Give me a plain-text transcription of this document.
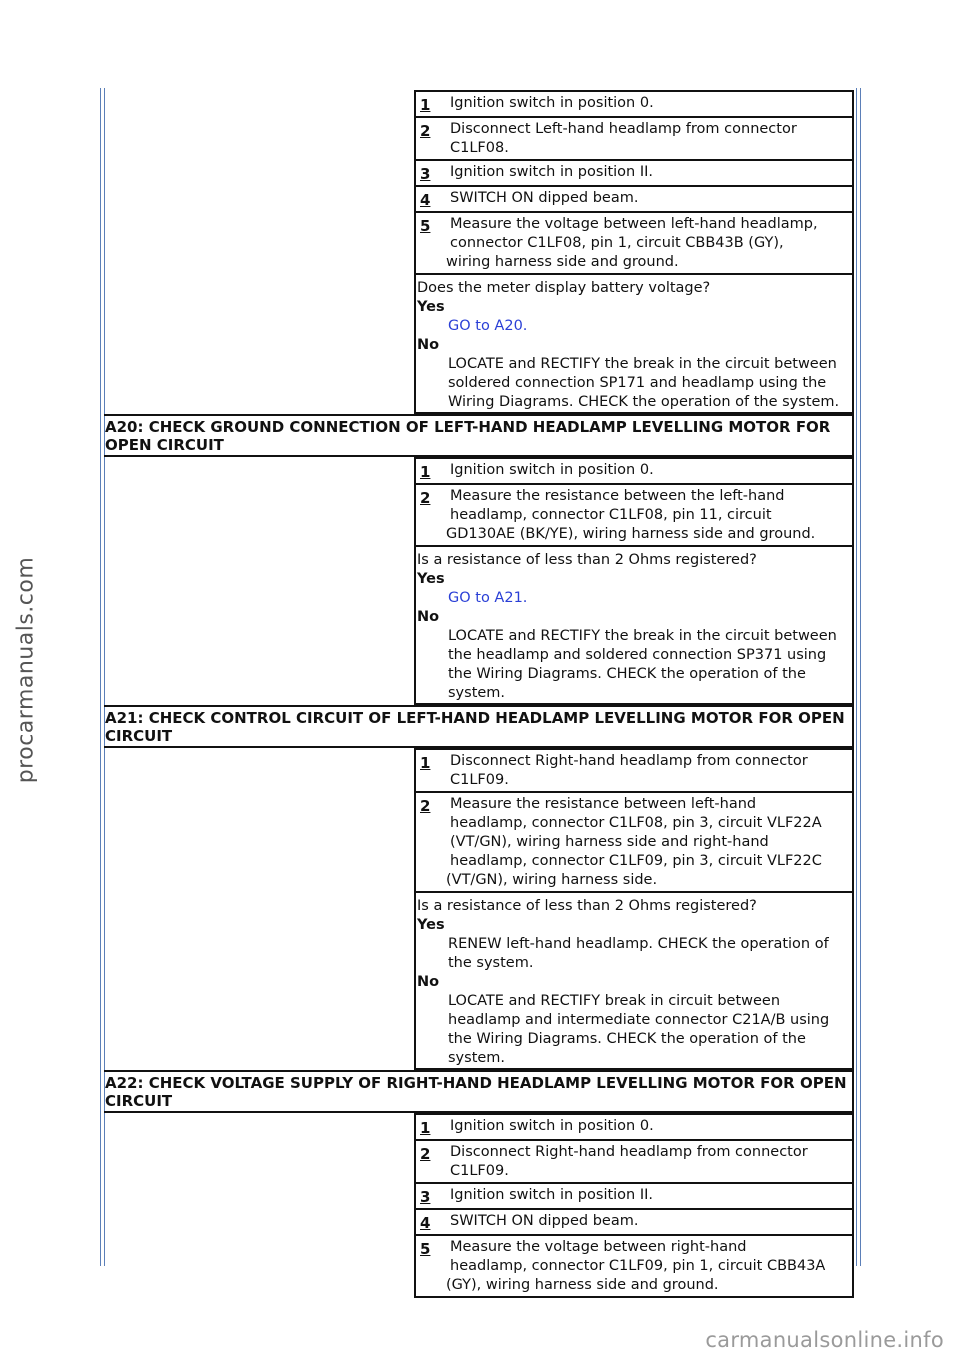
procarmanuals.com
carmanualsonline.info
1	Ignition switch in position 0.
2	Disconnect Left-hand headlamp from connector
C1LF08.
3	Ignition switch in position II.
4	SWITCH ON dipped beam.
5	Measure the voltage between left-hand headlamp,
connector C1LF08, pin 1, circuit CBB43B (GY),
wiring harness side and ground.
Does the meter display battery voltage?
Yes
GO to A20.
No
LOCATE and RECTIFY the break in the circuit between soldered connection SP171 and headlamp using the Wiring Diagrams. CHECK the operation of the system.
A20: CHECK GROUND CONNECTION OF LEFT-HAND HEADLAMP LEVELLING MOTOR FOR OPEN CIRCUIT
1	Ignition switch in position 0.
2	Measure the resistance between the left-hand
headlamp, connector C1LF08, pin 11, circuit
GD130AE (BK/YE), wiring harness side and ground.
Is a resistance of less than 2 Ohms registered?
Yes
GO to A21.
No
LOCATE and RECTIFY the break in the circuit between the headlamp and soldered connection SP371 using the Wiring Diagrams. CHECK the operation of the system.
A21: CHECK CONTROL CIRCUIT OF LEFT-HAND HEADLAMP LEVELLING MOTOR FOR OPEN CIRCUIT
1	Disconnect Right-hand headlamp from connector
C1LF09.
2	Measure the resistance between left-hand
headlamp, connector C1LF08, pin 3, circuit VLF22A
(VT/GN), wiring harness side and right-hand
headlamp, connector C1LF09, pin 3, circuit VLF22C
(VT/GN), wiring harness side.
Is a resistance of less than 2 Ohms registered?
Yes
RENEW left-hand headlamp. CHECK the operation of the system.
No
LOCATE and RECTIFY break in circuit between headlamp and intermediate connector C21A/B using the Wiring Diagrams. CHECK the operation of the system.
A22: CHECK VOLTAGE SUPPLY OF RIGHT-HAND HEADLAMP LEVELLING MOTOR FOR OPEN CIRCUIT
1	Ignition switch in position 0.
2	Disconnect Right-hand headlamp from connector
C1LF09.
3	Ignition switch in position II.
4	SWITCH ON dipped beam.
5	Measure the voltage between right-hand
headlamp, connector C1LF09, pin 1, circuit CBB43A
(GY), wiring harness side and ground.
